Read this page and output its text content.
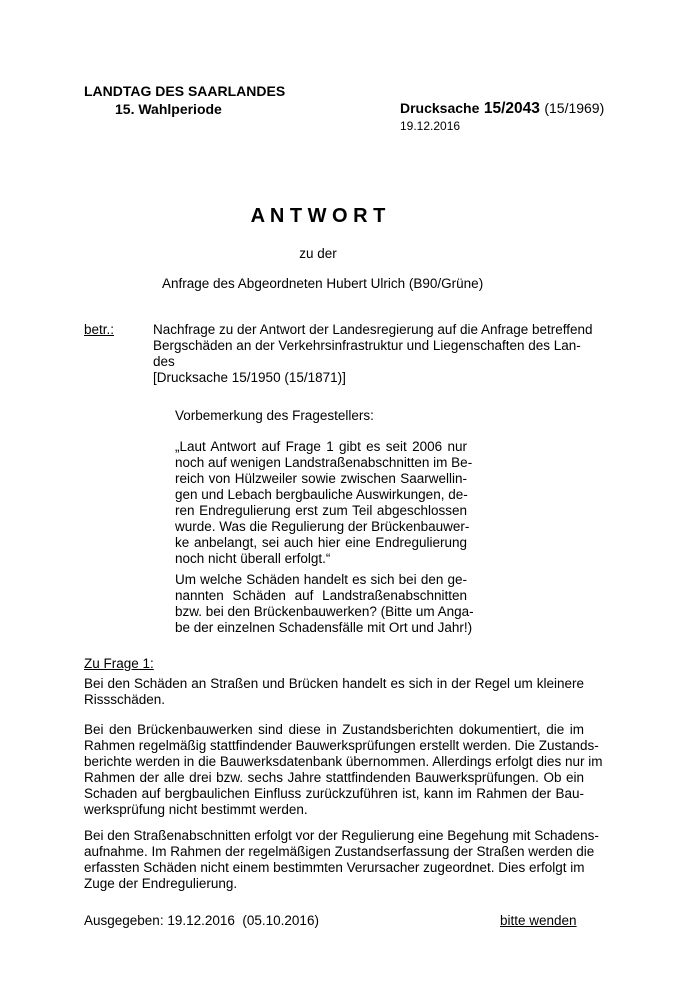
LANDTAG DES SAARLANDES
15. Wahlperiode	Drucksache 15/2043 (15/1969)
19.12.2016
A N T W O R T
zu der
Anfrage des Abgeordneten Hubert Ulrich (B90/Grüne)
betr.:	Nachfrage zu der Antwort der Landesregierung auf die Anfrage betreffend

Bergschäden an der Verkehrsinfrastruktur und Liegenschaften des Lan-

des

[Drucksache 15/1950 (15/1871)]

Vorbemerkung des Fragestellers:

„Laut Antwort auf Frage 1 gibt es seit 2006 nur

noch auf wenigen Landstraßenabschnitten im Be-

reich von Hülzweiler sowie zwischen Saarwellin-

gen und Lebach bergbauliche Auswirkungen, de-

ren Endregulierung erst zum Teil abgeschlossen

wurde. Was die Regulierung der Brückenbauwer-

ke anbelangt, sei auch hier eine Endregulierung

noch nicht überall erfolgt.“

Um welche Schäden handelt es sich bei den ge-

nannten Schäden auf Landstraßenabschnitten

bzw. bei den Brückenbauwerken? (Bitte um Anga-

be der einzelnen Schadensfälle mit Ort und Jahr!)

Zu Frage 1:

Bei den Schäden an Straßen und Brücken handelt es sich in der Regel um kleinere

Rissschäden.

Bei den Brückenbauwerken sind diese in Zustandsberichten dokumentiert, die im

Rahmen regelmäßig stattfindender Bauwerksprüfungen erstellt werden. Die Zustands-

berichte werden in die Bauwerksdatenbank übernommen. Allerdings erfolgt dies nur im

Rahmen der alle drei bzw. sechs Jahre stattfindenden Bauwerksprüfungen. Ob ein

Schaden auf bergbaulichen Einfluss zurückzuführen ist, kann im Rahmen der Bau-

werksprüfung nicht bestimmt werden.

Bei den Straßenabschnitten erfolgt vor der Regulierung eine Begehung mit Schadens-

aufnahme. Im Rahmen der regelmäßigen Zustandserfassung der Straßen werden die

erfassten Schäden nicht einem bestimmten Verursacher zugeordnet. Dies erfolgt im

Zuge der Endregulierung.

Ausgegeben: 19.12.2016  (05.10.2016)	bitte wenden
